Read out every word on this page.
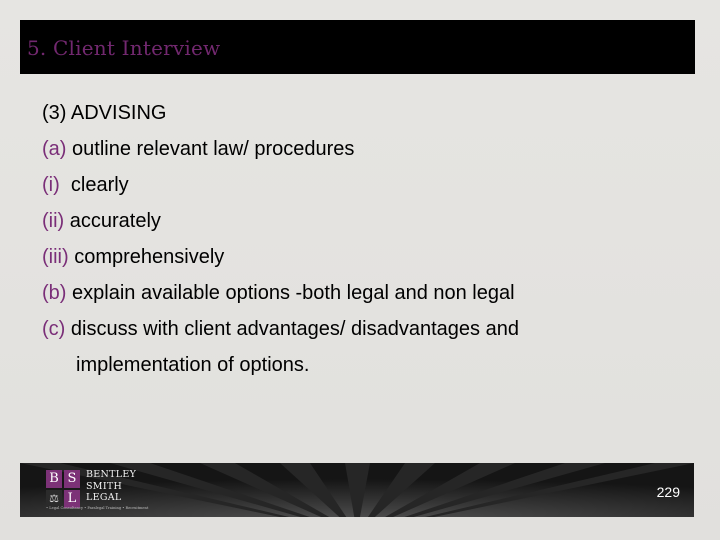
5. Client Interview
(3) ADVISING
(a) outline relevant law/ procedures
(i)  clearly
(ii) accurately
(iii) comprehensively
(b) explain available options -both legal and non legal
(c) discuss with client advantages/ disadvantages and
implementation of options.
B S
⚖ L
BENTLEY
SMITH
LEGAL
• Legal Consultancy • Paralegal Training • Recruitment
229
